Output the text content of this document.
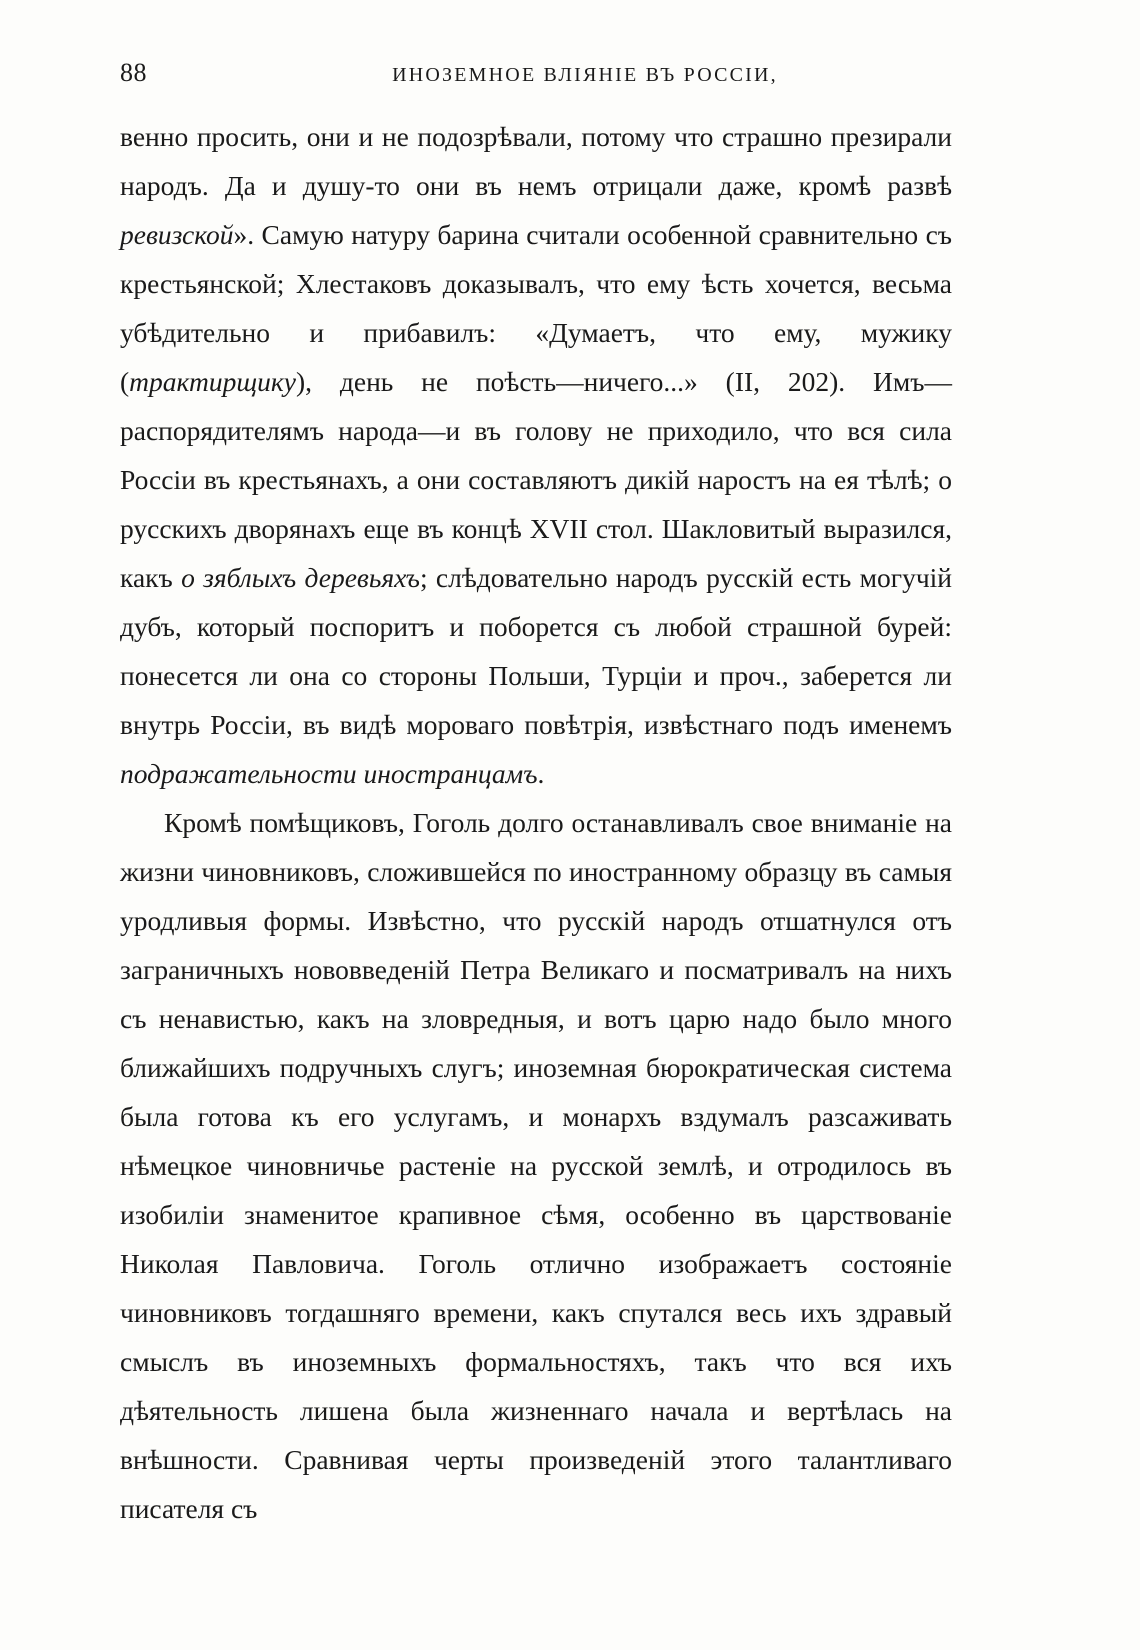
88	ИНОЗЕМНОЕ ВЛІЯНІЕ ВЪ РОССІИ,

венно просить, они и не подозрѣвали, потому что страшно презирали народъ. Да и душу-то они въ немъ отрицали даже, кромѣ развѣ ревизской». Самую натуру барина считали особенной сравнительно съ крестьянской; Хлестаковъ доказывалъ, что ему ѣсть хочется, весьма убѣдительно и прибавилъ: «Думаетъ, что ему, мужику (трактирщику), день не поѣсть—ничего...» (II, 202). Имъ—распорядителямъ народа—и въ голову не приходило, что вся сила Россіи въ крестьянахъ, а они составляютъ дикій наростъ на ея тѣлѣ; о русскихъ дворянахъ еще въ концѣ XVII стол. Шакловитый выразился, какъ о зяблыхъ деревьяхъ; слѣдовательно народъ русскій есть могучій дубъ, который поспоритъ и поборется съ любой страшной бурей: понесется ли она со стороны Польши, Турціи и проч., заберется ли внутрь Россіи, въ видѣ мороваго повѣтрія, извѣстнаго подъ именемъ подражательности иностранцамъ.

Кромѣ помѣщиковъ, Гоголь долго останавливалъ свое вниманіе на жизни чиновниковъ, сложившейся по иностранному образцу въ самыя уродливыя формы. Извѣстно, что русскій народъ отшатнулся отъ заграничныхъ нововведеній Петра Великаго и посматривалъ на нихъ съ ненавистью, какъ на зловредныя, и вотъ царю надо было много ближайшихъ подручныхъ слугъ; иноземная бюрократическая система была готова къ его услугамъ, и монархъ вздумалъ разсаживать нѣмецкое чиновничье растеніе на русской землѣ, и отродилось въ изобиліи знаменитое крапивное сѣмя, особенно въ царствованіе Николая Павловича. Гоголь отлично изображаетъ состояніе чиновниковъ тогдашняго времени, какъ спутался весь ихъ здравый смыслъ въ иноземныхъ формальностяхъ, такъ что вся ихъ дѣятельность лишена была жизненнаго начала и вертѣлась на внѣшности. Сравнивая черты произведеній этого талантливаго писателя съ
